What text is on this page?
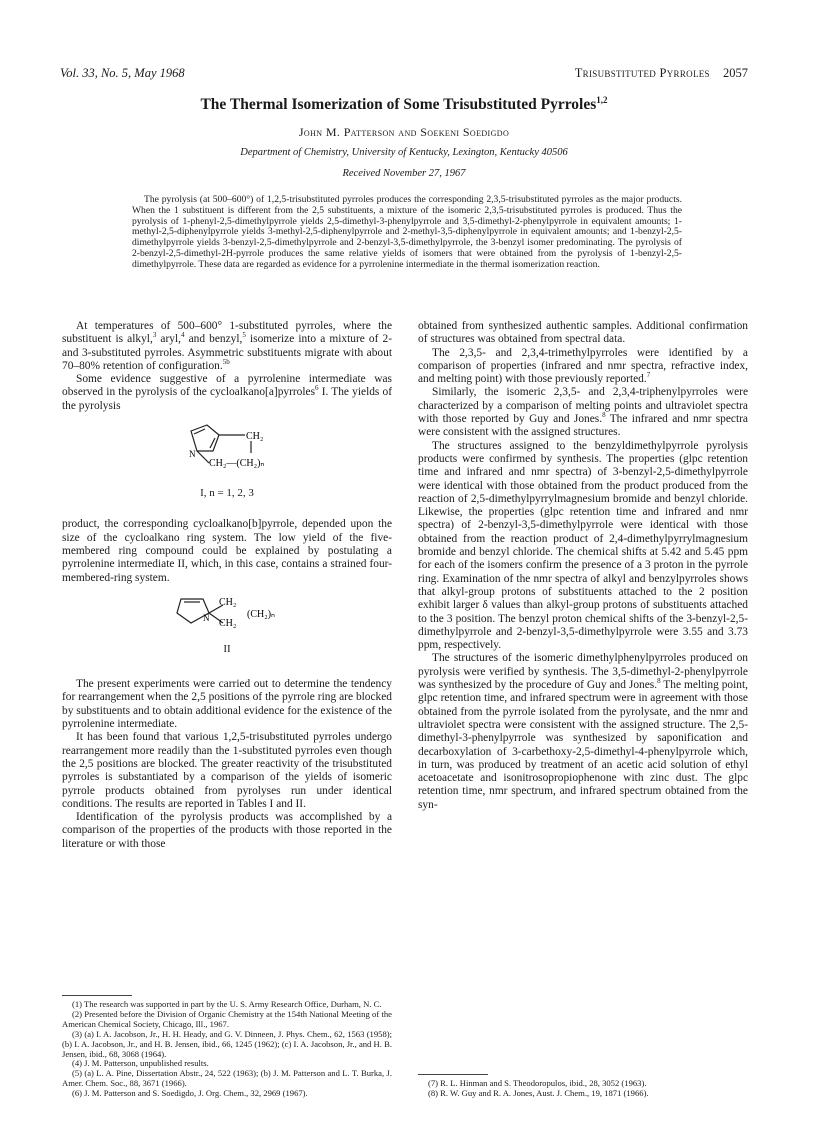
Vol. 33, No. 5, May 1968	Trisubstituted Pyrroles 2057
The Thermal Isomerization of Some Trisubstituted Pyrroles$^{1,2}$
John M. Patterson and Soekeni Soedigdo
Department of Chemistry, University of Kentucky, Lexington, Kentucky 40506
Received November 27, 1967
The pyrolysis (at 500–600°) of 1,2,5-trisubstituted pyrroles produces the corresponding 2,3,5-trisubstituted pyrroles as the major products. When the 1 substituent is different from the 2,5 substituents, a mixture of the isomeric 2,3,5-trisubstituted pyrroles is produced. Thus the pyrolysis of 1-phenyl-2,5-dimethylpyrrole yields 2,5-dimethyl-3-phenylpyrrole and 3,5-dimethyl-2-phenylpyrrole in equivalent amounts; 1-methyl-2,5-diphenylpyrrole yields 3-methyl-2,5-diphenylpyrrole and 2-methyl-3,5-diphenylpyrrole in equivalent amounts; and 1-benzyl-2,5-dimethylpyrrole yields 3-benzyl-2,5-dimethylpyrrole and 2-benzyl-3,5-dimethylpyrrole, the 3-benzyl isomer predominating. The pyrolysis of 2-benzyl-2,5-dimethyl-2H-pyrrole produces the same relative yields of isomers that were obtained from the pyrolysis of 1-benzyl-2,5-dimethylpyrrole. These data are regarded as evidence for a pyrrolenine intermediate in the thermal isomerization reaction.

At temperatures of 500–600° 1-substituted pyrroles, where the substituent is alkyl,$^3$ aryl,$^4$ and benzyl,$^5$ isomerize into a mixture of 2- and 3-substituted pyrroles. Asymmetric substituents migrate with about 70–80% retention of configuration.$^{5b}$

Some evidence suggestive of a pyrrolenine intermediate was observed in the pyrolysis of the cycloalkano[a]pyrroles$^6$ I. The yields of the pyrolysis

CH₂
N
CH₂—(CH₂)ₙ

I, n = 1, 2, 3

product, the corresponding cycloalkano[b]pyrrole, depended upon the size of the cycloalkano ring system. The low yield of the five-membered ring compound could be explained by postulating a pyrrolenine intermediate II, which, in this case, contains a strained four-membered-ring system.

CH₂
CH₂
(CH₂)ₙ
N

II

The present experiments were carried out to determine the tendency for rearrangement when the 2,5 positions of the pyrrole ring are blocked by substituents and to obtain additional evidence for the existence of the pyrrolenine intermediate.

It has been found that various 1,2,5-trisubstituted pyrroles undergo rearrangement more readily than the 1-substituted pyrroles even though the 2,5 positions are blocked. The greater reactivity of the trisubstituted pyrroles is substantiated by a comparison of the yields of isomeric pyrrole products obtained from pyrolyses run under identical conditions. The results are reported in Tables I and II.

Identification of the pyrolysis products was accomplished by a comparison of the properties of the products with those reported in the literature or with those

obtained from synthesized authentic samples. Additional confirmation of structures was obtained from spectral data.

The 2,3,5- and 2,3,4-trimethylpyrroles were identified by a comparison of properties (infrared and nmr spectra, refractive index, and melting point) with those previously reported.$^7$

Similarly, the isomeric 2,3,5- and 2,3,4-triphenylpyrroles were characterized by a comparison of melting points and ultraviolet spectra with those reported by Guy and Jones.$^8$ The infrared and nmr spectra were consistent with the assigned structures.

The structures assigned to the benzyldimethylpyrrole pyrolysis products were confirmed by synthesis. The properties (glpc retention time and infrared and nmr spectra) of 3-benzyl-2,5-dimethylpyrrole were identical with those obtained from the product produced from the reaction of 2,5-dimethylpyrrylmagnesium bromide and benzyl chloride. Likewise, the properties (glpc retention time and infrared and nmr spectra) of 2-benzyl-3,5-dimethylpyrrole were identical with those obtained from the reaction product of 2,4-dimethylpyrrylmagnesium bromide and benzyl chloride. The chemical shifts at 5.42 and 5.45 ppm for each of the isomers confirm the presence of a 3 proton in the pyrrole ring. Examination of the nmr spectra of alkyl and benzylpyrroles shows that alkyl-group protons of substituents attached to the 2 position exhibit larger δ values than alkyl-group protons of substituents attached to the 3 position. The benzyl proton chemical shifts of the 3-benzyl-2,5-dimethylpyrrole and 2-benzyl-3,5-dimethylpyrrole were 3.55 and 3.73 ppm, respectively.

The structures of the isomeric dimethylphenylpyrroles produced on pyrolysis were verified by synthesis. The 3,5-dimethyl-2-phenylpyrrole was synthesized by the procedure of Guy and Jones.$^8$ The melting point, glpc retention time, and infrared spectrum were in agreement with those obtained from the pyrrole isolated from the pyrolysate, and the nmr and ultraviolet spectra were consistent with the assigned structure. The 2,5-dimethyl-3-phenylpyrrole was synthesized by saponification and decarboxylation of 3-carbethoxy-2,5-dimethyl-4-phenylpyrrole which, in turn, was produced by treatment of an acetic acid solution of ethyl acetoacetate and isonitrosopropiophenone with zinc dust. The glpc retention time, nmr spectrum, and infrared spectrum obtained from the syn-

(1) The research was supported in part by the U. S. Army Research Office, Durham, N. C.

(2) Presented before the Division of Organic Chemistry at the 154th National Meeting of the American Chemical Society, Chicago, Ill., 1967.

(3) (a) I. A. Jacobson, Jr., H. H. Heady, and G. V. Dinneen, J. Phys. Chem., 62, 1563 (1958); (b) I. A. Jacobson, Jr., and H. B. Jensen, ibid., 66, 1245 (1962); (c) I. A. Jacobson, Jr., and H. B. Jensen, ibid., 68, 3068 (1964).

(4) J. M. Patterson, unpublished results.

(5) (a) L. A. Pine, Dissertation Abstr., 24, 522 (1963); (b) J. M. Patterson and L. T. Burka, J. Amer. Chem. Soc., 88, 3671 (1966).

(6) J. M. Patterson and S. Soedigdo, J. Org. Chem., 32, 2969 (1967).

(7) R. L. Hinman and S. Theodoropulos, ibid., 28, 3052 (1963).

(8) R. W. Guy and R. A. Jones, Aust. J. Chem., 19, 1871 (1966).
